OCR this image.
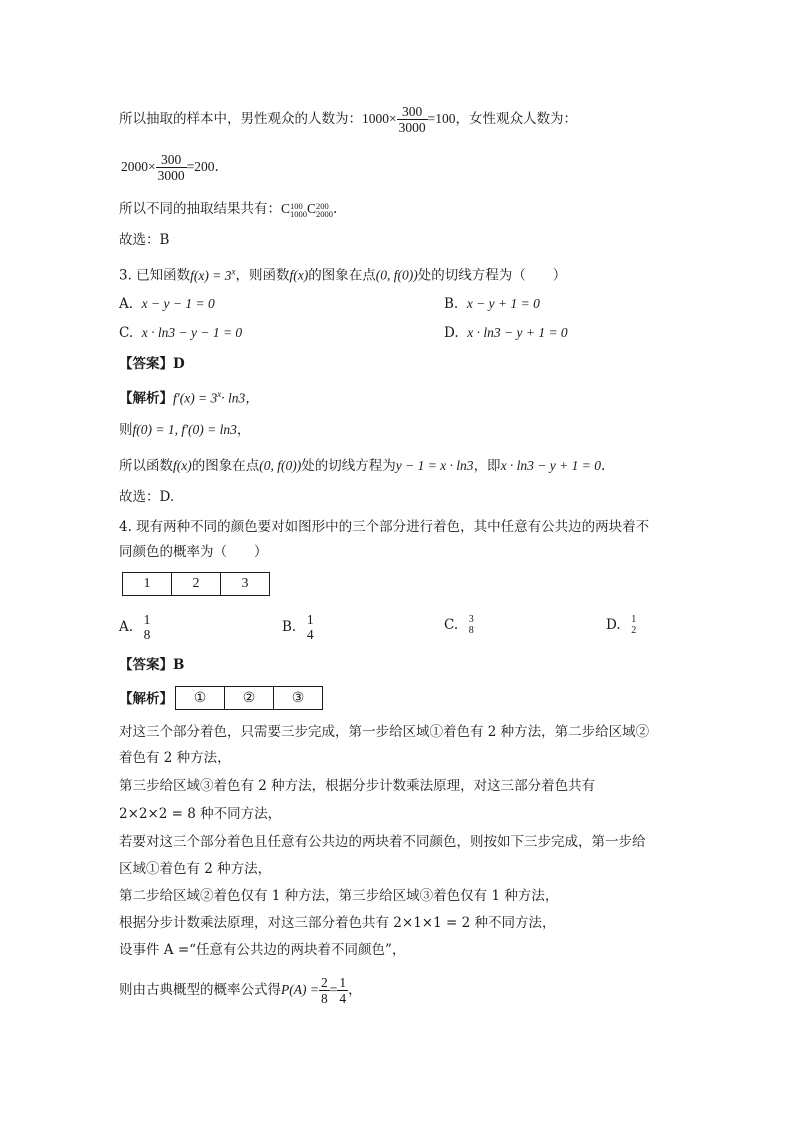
所以抽取的样本中，男性观众的人数为：$1000\times \frac{300}{3000} =100$，女性观众人数为：
$2000\times \frac{300}{3000} =200$.
所以不同的抽取结果共有：C100
1000C200
2000.
故选：B
3. 已知函数$f(x) = 3^x$，则函数f(x)的图象在点(0, f(0))处的切线方程为（　　）
A. x − y − 1 = 0	B. x − y + 1 = 0
C. x · ln3 − y − 1 = 0	D. x · ln3 − y + 1 = 0
【答案】D
【解析】$f'(x) = 3^x\cdot \ln 3$，
则f(0) = 1, f′(0) = ln3，
所以函数f(x)的图象在点(0, f(0))处的切线方程为y − 1 = x · ln3，即x · ln3 − y + 1 = 0.
故选：D.
4. 现有两种不同的颜色要对如图形中的三个部分进行着色，其中任意有公共边的两块着不
同颜色的概率为（　　）
1	2	3
A. 1
8	B. 1
4
C. 3
8	D. 1
2
【答案】B
【解析】	①	②	③
对这三个部分着色，只需要三步完成，第一步给区域①着色有 2 种方法，第二步给区域②
着色有 2 种方法，
第三步给区域③着色有 2 种方法，根据分步计数乘法原理，对这三部分着色共有
2×2×2 = 8 种不同方法，
若要对这三个部分着色且任意有公共边的两块着不同颜色，则按如下三步完成，第一步给
区域①着色有 2 种方法，
第二步给区域②着色仅有 1 种方法，第三步给区域③着色仅有 1 种方法，
根据分步计数乘法原理，对这三部分着色共有 2×1×1 = 2 种不同方法，
设事件 A =“任意有公共边的两块着不同颜色”，
则由古典概型的概率公式得$P(A) = \frac{2}{8} = \frac{1}{4}$ ，
